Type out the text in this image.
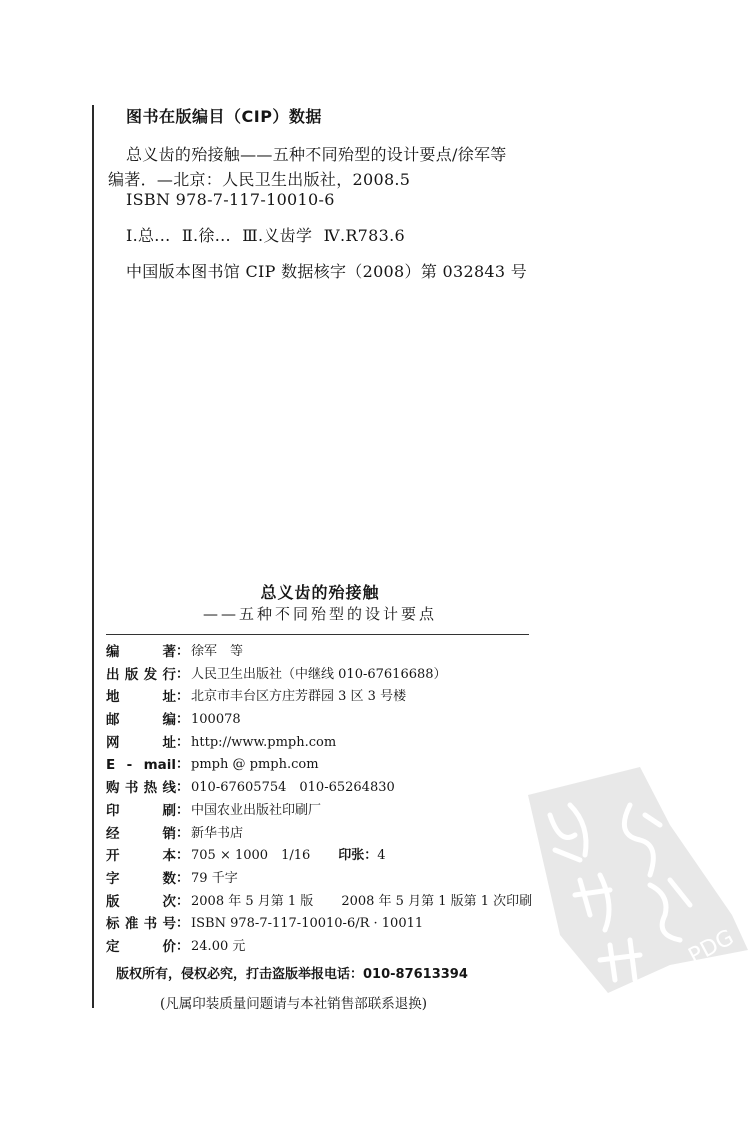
图书在版编目（CIP）数据
总义齿的殆接触——五种不同殆型的设计要点/徐军等
编著．—北京：人民卫生出版社，2008.5
ISBN 978-7-117-10010-6
Ⅰ.总... Ⅱ.徐... Ⅲ.义齿学 Ⅳ.R783.6
中国版本图书馆 CIP 数据核字（2008）第 032843 号
总义齿的殆接触
——五种不同殆型的设计要点
编	著 ： 徐军　等
出 版 发 行 ： 人民卫生出版社（中继线 010-67616688）
地	址 ： 北京市丰台区方庄芳群园 3 区 3 号楼
邮	编 ： 100078
网	址 ： http://www.pmph.com
E - mail ： pmph @ pmph.com
购 书 热 线 ： 010-67605754　010-65264830
印	刷 ： 中国农业出版社印刷厂
经	销 ： 新华书店
开	本 ： 705 × 1000　1/16 印张： 4
字	数 ： 79 千字
版	次 ： 2008 年 5 月第 1 版 2008 年 5 月第 1 版第 1 次印刷
标 准 书 号 ： ISBN 978-7-117-10010-6/R · 10011
定	价 ： 24.00 元
版权所有，侵权必究，打击盗版举报电话：010-87613394
(凡属印装质量问题请与本社销售部联系退换)
PDG
